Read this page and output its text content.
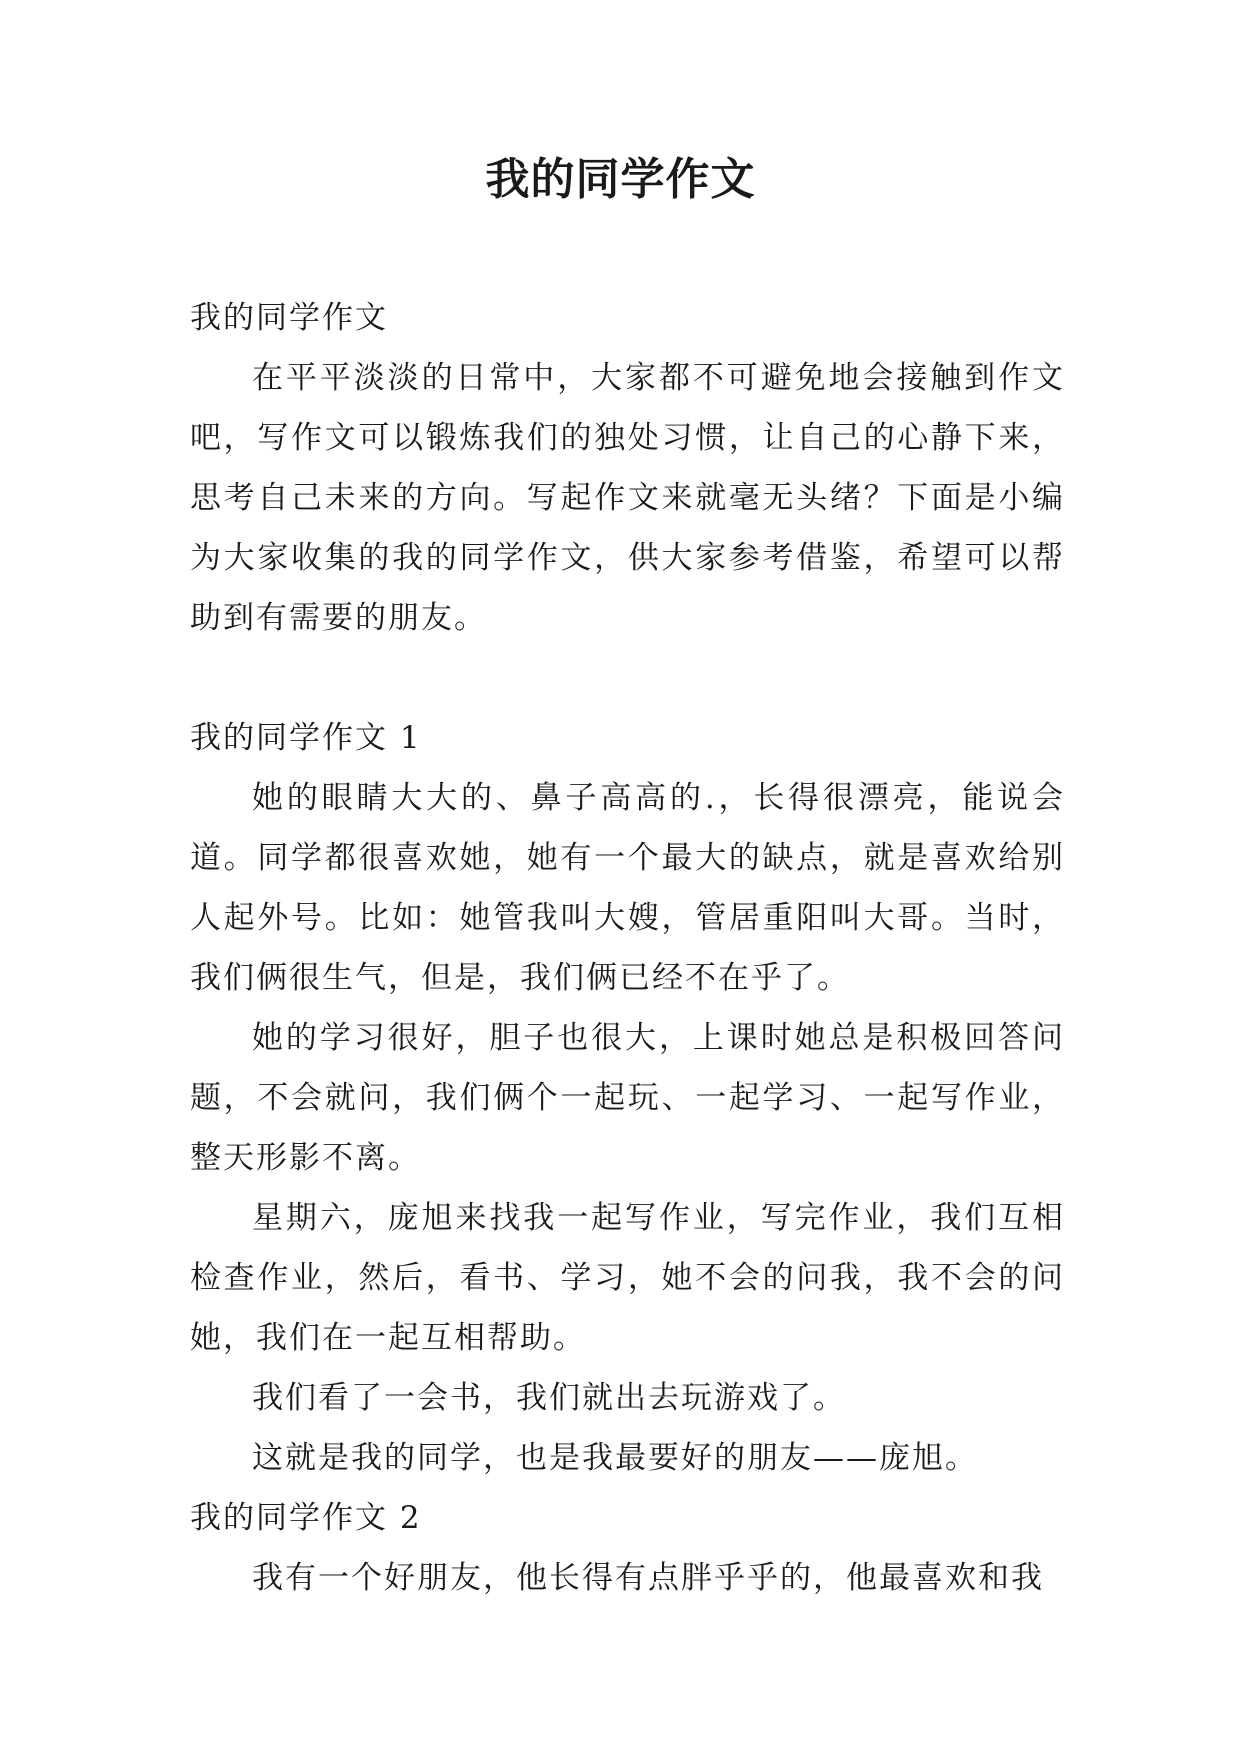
我的同学作文

我的同学作文

在平平淡淡的日常中，大家都不可避免地会接触到作文吧，写作文可以锻炼我们的独处习惯，让自己的心静下来，思考自己未来的方向。写起作文来就毫无头绪？下面是小编为大家收集的我的同学作文，供大家参考借鉴，希望可以帮助到有需要的朋友。

我的同学作文 1

她的眼睛大大的、鼻子高高的.，长得很漂亮，能说会道。同学都很喜欢她，她有一个最大的缺点，就是喜欢给别人起外号。比如：她管我叫大嫂，管居重阳叫大哥。当时，我们俩很生气，但是，我们俩已经不在乎了。

她的学习很好，胆子也很大，上课时她总是积极回答问题，不会就问，我们俩个一起玩、一起学习、一起写作业，整天形影不离。

星期六，庞旭来找我一起写作业，写完作业，我们互相检查作业，然后，看书、学习，她不会的问我，我不会的问她，我们在一起互相帮助。

我们看了一会书，我们就出去玩游戏了。

这就是我的同学，也是我最要好的朋友——庞旭。

我的同学作文 2

我有一个好朋友，他长得有点胖乎乎的，他最喜欢和我
